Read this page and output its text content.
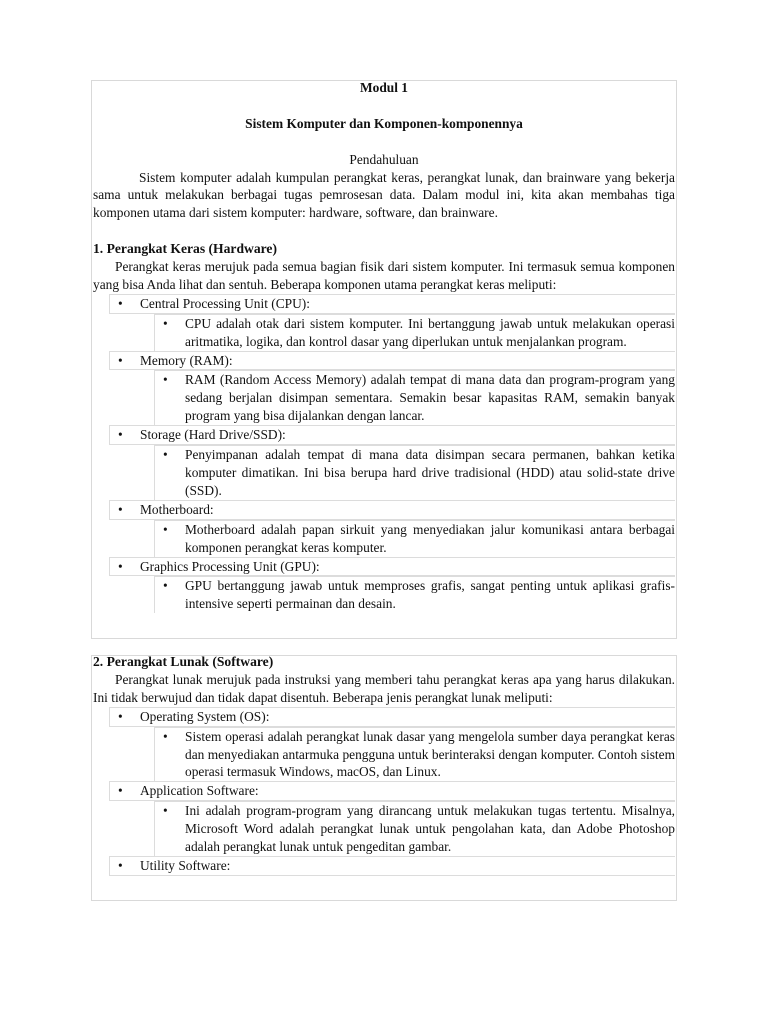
Modul 1

Sistem Komputer dan Komponen-komponennya

Pendahuluan

Sistem komputer adalah kumpulan perangkat keras, perangkat lunak, dan brainware yang bekerja sama untuk melakukan berbagai tugas pemrosesan data. Dalam modul ini, kita akan membahas tiga komponen utama dari sistem komputer: hardware, software, dan brainware.

1. Perangkat Keras (Hardware)

Perangkat keras merujuk pada semua bagian fisik dari sistem komputer. Ini termasuk semua komponen yang bisa Anda lihat dan sentuh. Beberapa komponen utama perangkat keras meliputi:

• Central Processing Unit (CPU):
• CPU adalah otak dari sistem komputer. Ini bertanggung jawab untuk melakukan operasi aritmatika, logika, dan kontrol dasar yang diperlukan untuk menjalankan program.
• Memory (RAM):
• RAM (Random Access Memory) adalah tempat di mana data dan program-program yang sedang berjalan disimpan sementara. Semakin besar kapasitas RAM, semakin banyak program yang bisa dijalankan dengan lancar.
• Storage (Hard Drive/SSD):
• Penyimpanan adalah tempat di mana data disimpan secara permanen, bahkan ketika komputer dimatikan. Ini bisa berupa hard drive tradisional (HDD) atau solid-state drive (SSD).
• Motherboard:
• Motherboard adalah papan sirkuit yang menyediakan jalur komunikasi antara berbagai komponen perangkat keras komputer.
• Graphics Processing Unit (GPU):
• GPU bertanggung jawab untuk memproses grafis, sangat penting untuk aplikasi grafis-intensive seperti permainan dan desain.

2. Perangkat Lunak (Software)

Perangkat lunak merujuk pada instruksi yang memberi tahu perangkat keras apa yang harus dilakukan. Ini tidak berwujud dan tidak dapat disentuh. Beberapa jenis perangkat lunak meliputi:

• Operating System (OS):
• Sistem operasi adalah perangkat lunak dasar yang mengelola sumber daya perangkat keras dan menyediakan antarmuka pengguna untuk berinteraksi dengan komputer. Contoh sistem operasi termasuk Windows, macOS, dan Linux.
• Application Software:
• Ini adalah program-program yang dirancang untuk melakukan tugas tertentu. Misalnya, Microsoft Word adalah perangkat lunak untuk pengolahan kata, dan Adobe Photoshop adalah perangkat lunak untuk pengeditan gambar.
• Utility Software:
